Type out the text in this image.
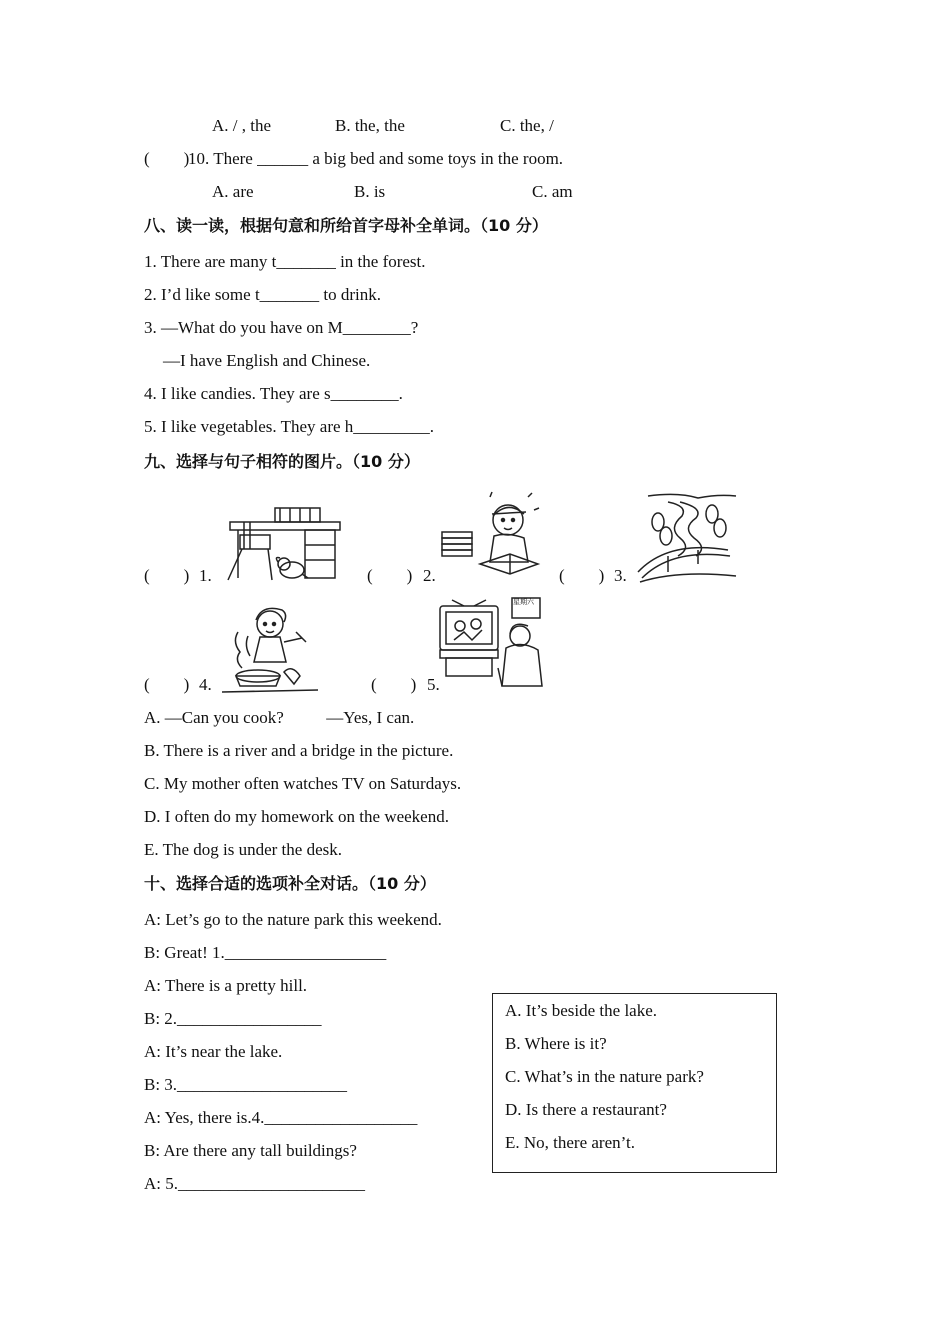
A. / , the	B. the, the	C. the, /
(        )
10. There ______ a big bed and some toys in the room.
A. are	B. is	C. am
八、读一读，根据句意和所给首字母补全单词。（10 分）
1. There are many t_______ in the forest.
2. I’d like some t_______ to drink.
3. —What do you have on M________?
—I have English and Chinese.
4. I like candies. They are s________.
5. I like vegetables. They are h_________.
九、选择与句子相符的图片。（10 分）
(        ) 1.	(        ) 2.	(        ) 3.
(        ) 4.	(        ) 5.
星期六
A. —Can you cook?          —Yes, I can.
B. There is a river and a bridge in the picture.
C. My mother often watches TV on Saturdays.
D. I often do my homework on the weekend.
E. The dog is under the desk.
十、选择合适的选项补全对话。（10 分）
A: Let’s go to the nature park this weekend.
B: Great! 1.___________________
A: There is a pretty hill.
B: 2._________________
A: It’s near the lake.
B: 3.____________________
A: Yes, there is.4.__________________
B: Are there any tall buildings?
A: 5.______________________
A. It’s beside the lake.
B. Where is it?
C. What’s in the nature park?
D. Is there a restaurant?
E. No, there aren’t.
